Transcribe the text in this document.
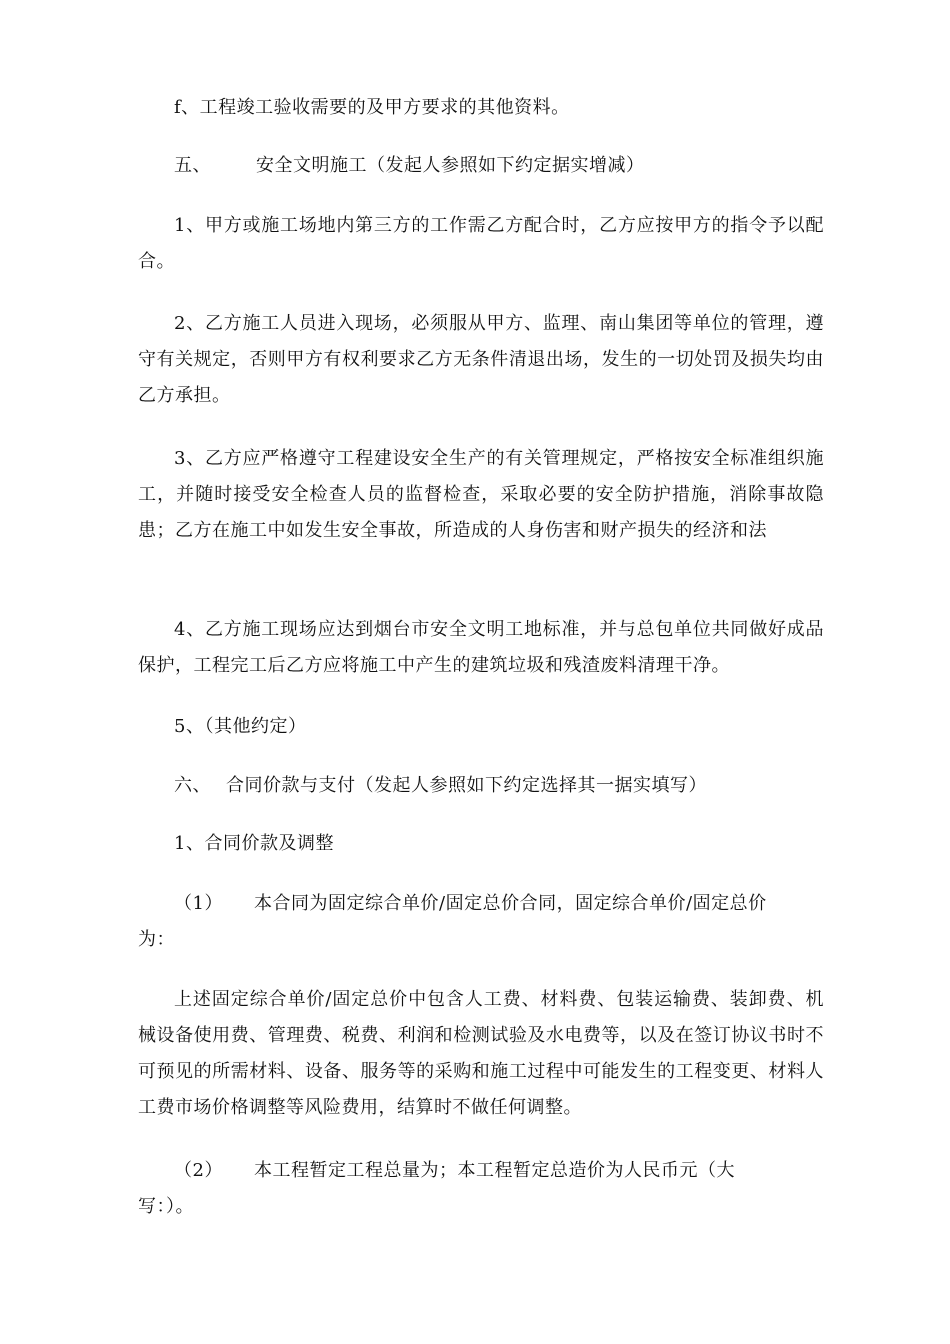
f、工程竣工验收需要的及甲方要求的其他资料。

五、	安全文明施工（发起人参照如下约定据实增减）

1、甲方或施工场地内第三方的工作需乙方配合时，乙方应按甲方的指令予以配合。

2、乙方施工人员进入现场，必须服从甲方、监理、南山集团等单位的管理，遵守有关规定，否则甲方有权利要求乙方无条件清退出场，发生的一切处罚及损失均由乙方承担。

3、乙方应严格遵守工程建设安全生产的有关管理规定，严格按安全标准组织施工，并随时接受安全检查人员的监督检查，采取必要的安全防护措施，消除事故隐患；乙方在施工中如发生安全事故，所造成的人身伤害和财产损失的经济和法

4、乙方施工现场应达到烟台市安全文明工地标准，并与总包单位共同做好成品保护，工程完工后乙方应将施工中产生的建筑垃圾和残渣废料清理干净。

5、（其他约定）

六、 合同价款与支付（发起人参照如下约定选择其一据实填写）

1、合同价款及调整

（1） 本合同为固定综合单价/固定总价合同，固定综合单价/固定总价

为：

上述固定综合单价/固定总价中包含人工费、材料费、包装运输费、装卸费、机械设备使用费、管理费、税费、利润和检测试验及水电费等，以及在签订协议书时不可预见的所需材料、设备、服务等的采购和施工过程中可能发生的工程变更、材料人工费市场价格调整等风险费用，结算时不做任何调整。

（2） 本工程暂定工程总量为；本工程暂定总造价为人民币元（大

写：）。
